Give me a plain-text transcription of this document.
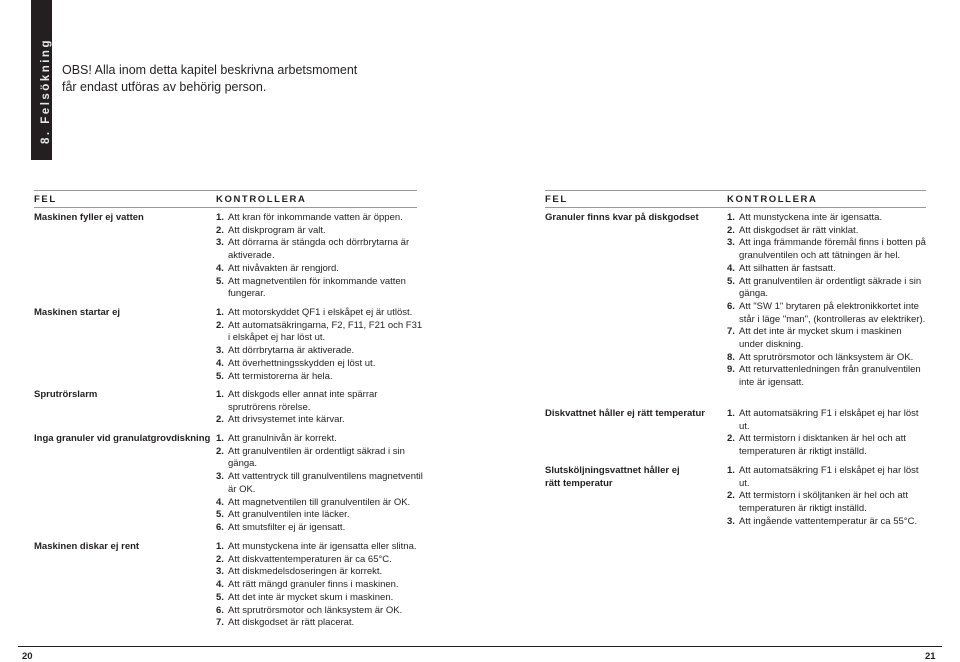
8. Felsökning OBS! Alla inom detta kapitel beskrivna arbetsmoment
får endast utföras av behörig person.
FEL	KONTROLLERA
Maskinen fyller ej vatten	1. Att kran för inkommande vatten är öppen.
2. Att diskprogram är valt.
3. Att dörrarna är stängda och dörrbrytarna är aktiverade.
4. Att nivåvakten är rengjord.
5. Att magnetventilen för inkommande vatten fungerar.
Maskinen startar ej	1. Att motorskyddet QF1 i elskåpet ej är utlöst.
2. Att automatsäkringarna, F2, F11, F21 och F31 i elskåpet ej har löst ut.
3. Att dörrbrytarna är aktiverade.
4. Att överhettningsskydden ej löst ut.
5. Att termistorerna är hela.
Sprutrörslarm	1. Att diskgods eller annat inte spärrar sprutrörens rörelse.
2. Att drivsystemet inte kärvar.
Inga granuler vid granulatgrovdiskning 1. Att granulnivån är korrekt.
2. Att granulventilen är ordentligt säkrad i sin gänga.
3. Att vattentryck till granulventilens magnetventil är OK.
4. Att magnetventilen till granulventilen är OK.
5. Att granulventilen inte läcker.
6. Att smutsfilter ej är igensatt.
Maskinen diskar ej rent	1. Att munstyckena inte är igensatta eller slitna.
2. Att diskvattentemperaturen är ca 65°C.
3. Att diskmedelsdoseringen är korrekt.
4. Att rätt mängd granuler finns i maskinen.
5. Att det inte är mycket skum i maskinen.
6. Att sprutrörsmotor och länksystem är OK.
7. Att diskgodset är rätt placerat.
FEL	KONTROLLERA
Granuler finns kvar på diskgodset	1. Att munstyckena inte är igensatta.
2. Att diskgodset är rätt vinklat.
3. Att inga främmande föremål finns i botten på granulventilen och att tätningen är hel.
4. Att silhatten är fastsatt.
5. Att granulventilen är ordentligt säkrade i sin gänga.
6. Att "SW 1" brytaren på elektronikkortet inte står i läge "man", (kontrolleras av elektriker).
7. Att det inte är mycket skum i maskinen under diskning.
8. Att sprutrörsmotor och länksystem är OK.
9. Att returvattenledningen från granulventilen inte är igensatt.
Diskvattnet håller ej rätt temperatur 1. Att automatsäkring F1 i elskåpet ej har löst ut.
2. Att termistorn i disktanken är hel och att temperaturen är riktigt inställd.
Slutsköljningsvattnet håller ej rätt temperatur
1. Att automatsäkring F1 i elskåpet ej har löst ut.
2. Att termistorn i sköljtanken är hel och att temperaturen är riktigt inställd.
3. Att ingående vattentemperatur är ca 55°C.
20	21
